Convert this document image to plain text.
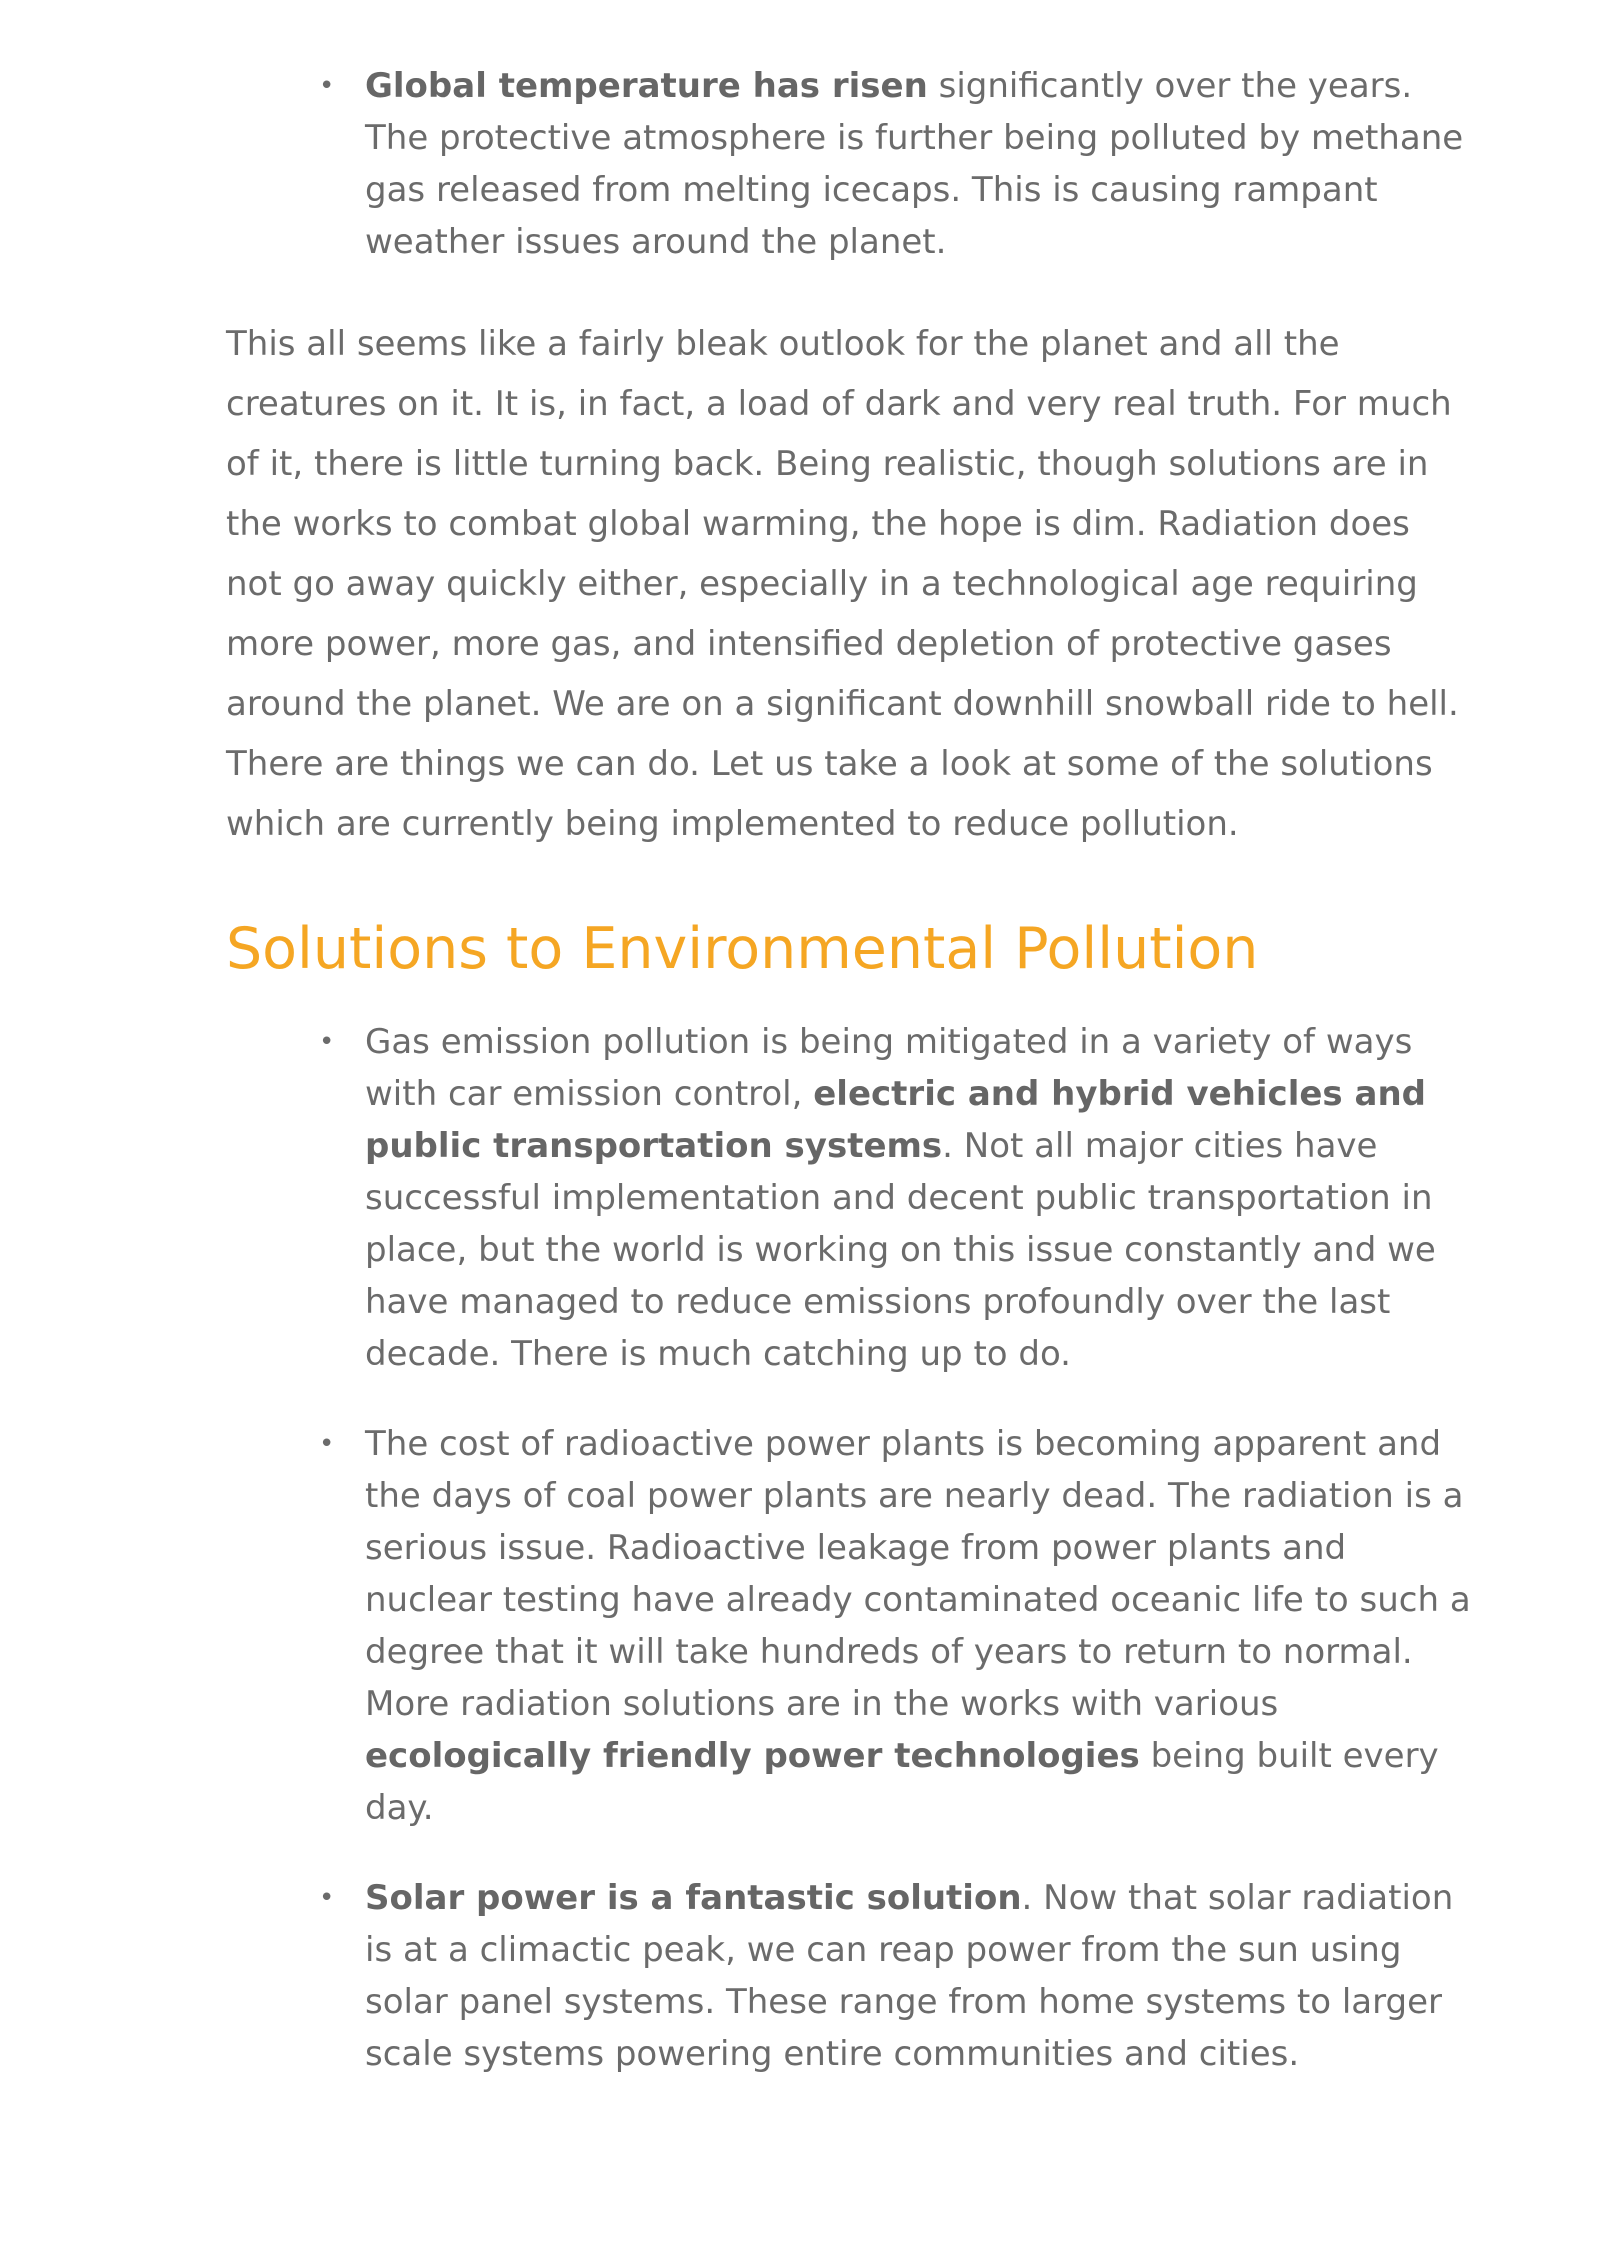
• Global temperature has risen significantly over the years. The protective atmosphere is further being polluted by methane gas released from melting icecaps. This is causing rampant weather issues around the planet.

This all seems like a fairly bleak outlook for the planet and all the creatures on it. It is, in fact, a load of dark and very real truth. For much of it, there is little turning back. Being realistic, though solutions are in the works to combat global warming, the hope is dim. Radiation does not go away quickly either, especially in a technological age requiring more power, more gas, and intensified depletion of protective gases around the planet. We are on a significant downhill snowball ride to hell. There are things we can do. Let us take a look at some of the solutions which are currently being implemented to reduce pollution.

Solutions to Environmental Pollution
• Gas emission pollution is being mitigated in a variety of ways with car emission control, electric and hybrid vehicles and public transportation systems. Not all major cities have successful implementation and decent public transportation in place, but the world is working on this issue constantly and we have managed to reduce emissions profoundly over the last decade. There is much catching up to do.
• The cost of radioactive power plants is becoming apparent and the days of coal power plants are nearly dead. The radiation is a serious issue. Radioactive leakage from power plants and nuclear testing have already contaminated oceanic life to such a degree that it will take hundreds of years to return to normal. More radiation solutions are in the works with various ecologically friendly power technologies being built every day.
• Solar power is a fantastic solution. Now that solar radiation is at a climactic peak, we can reap power from the sun using solar panel systems. These range from home systems to larger scale systems powering entire communities and cities.
